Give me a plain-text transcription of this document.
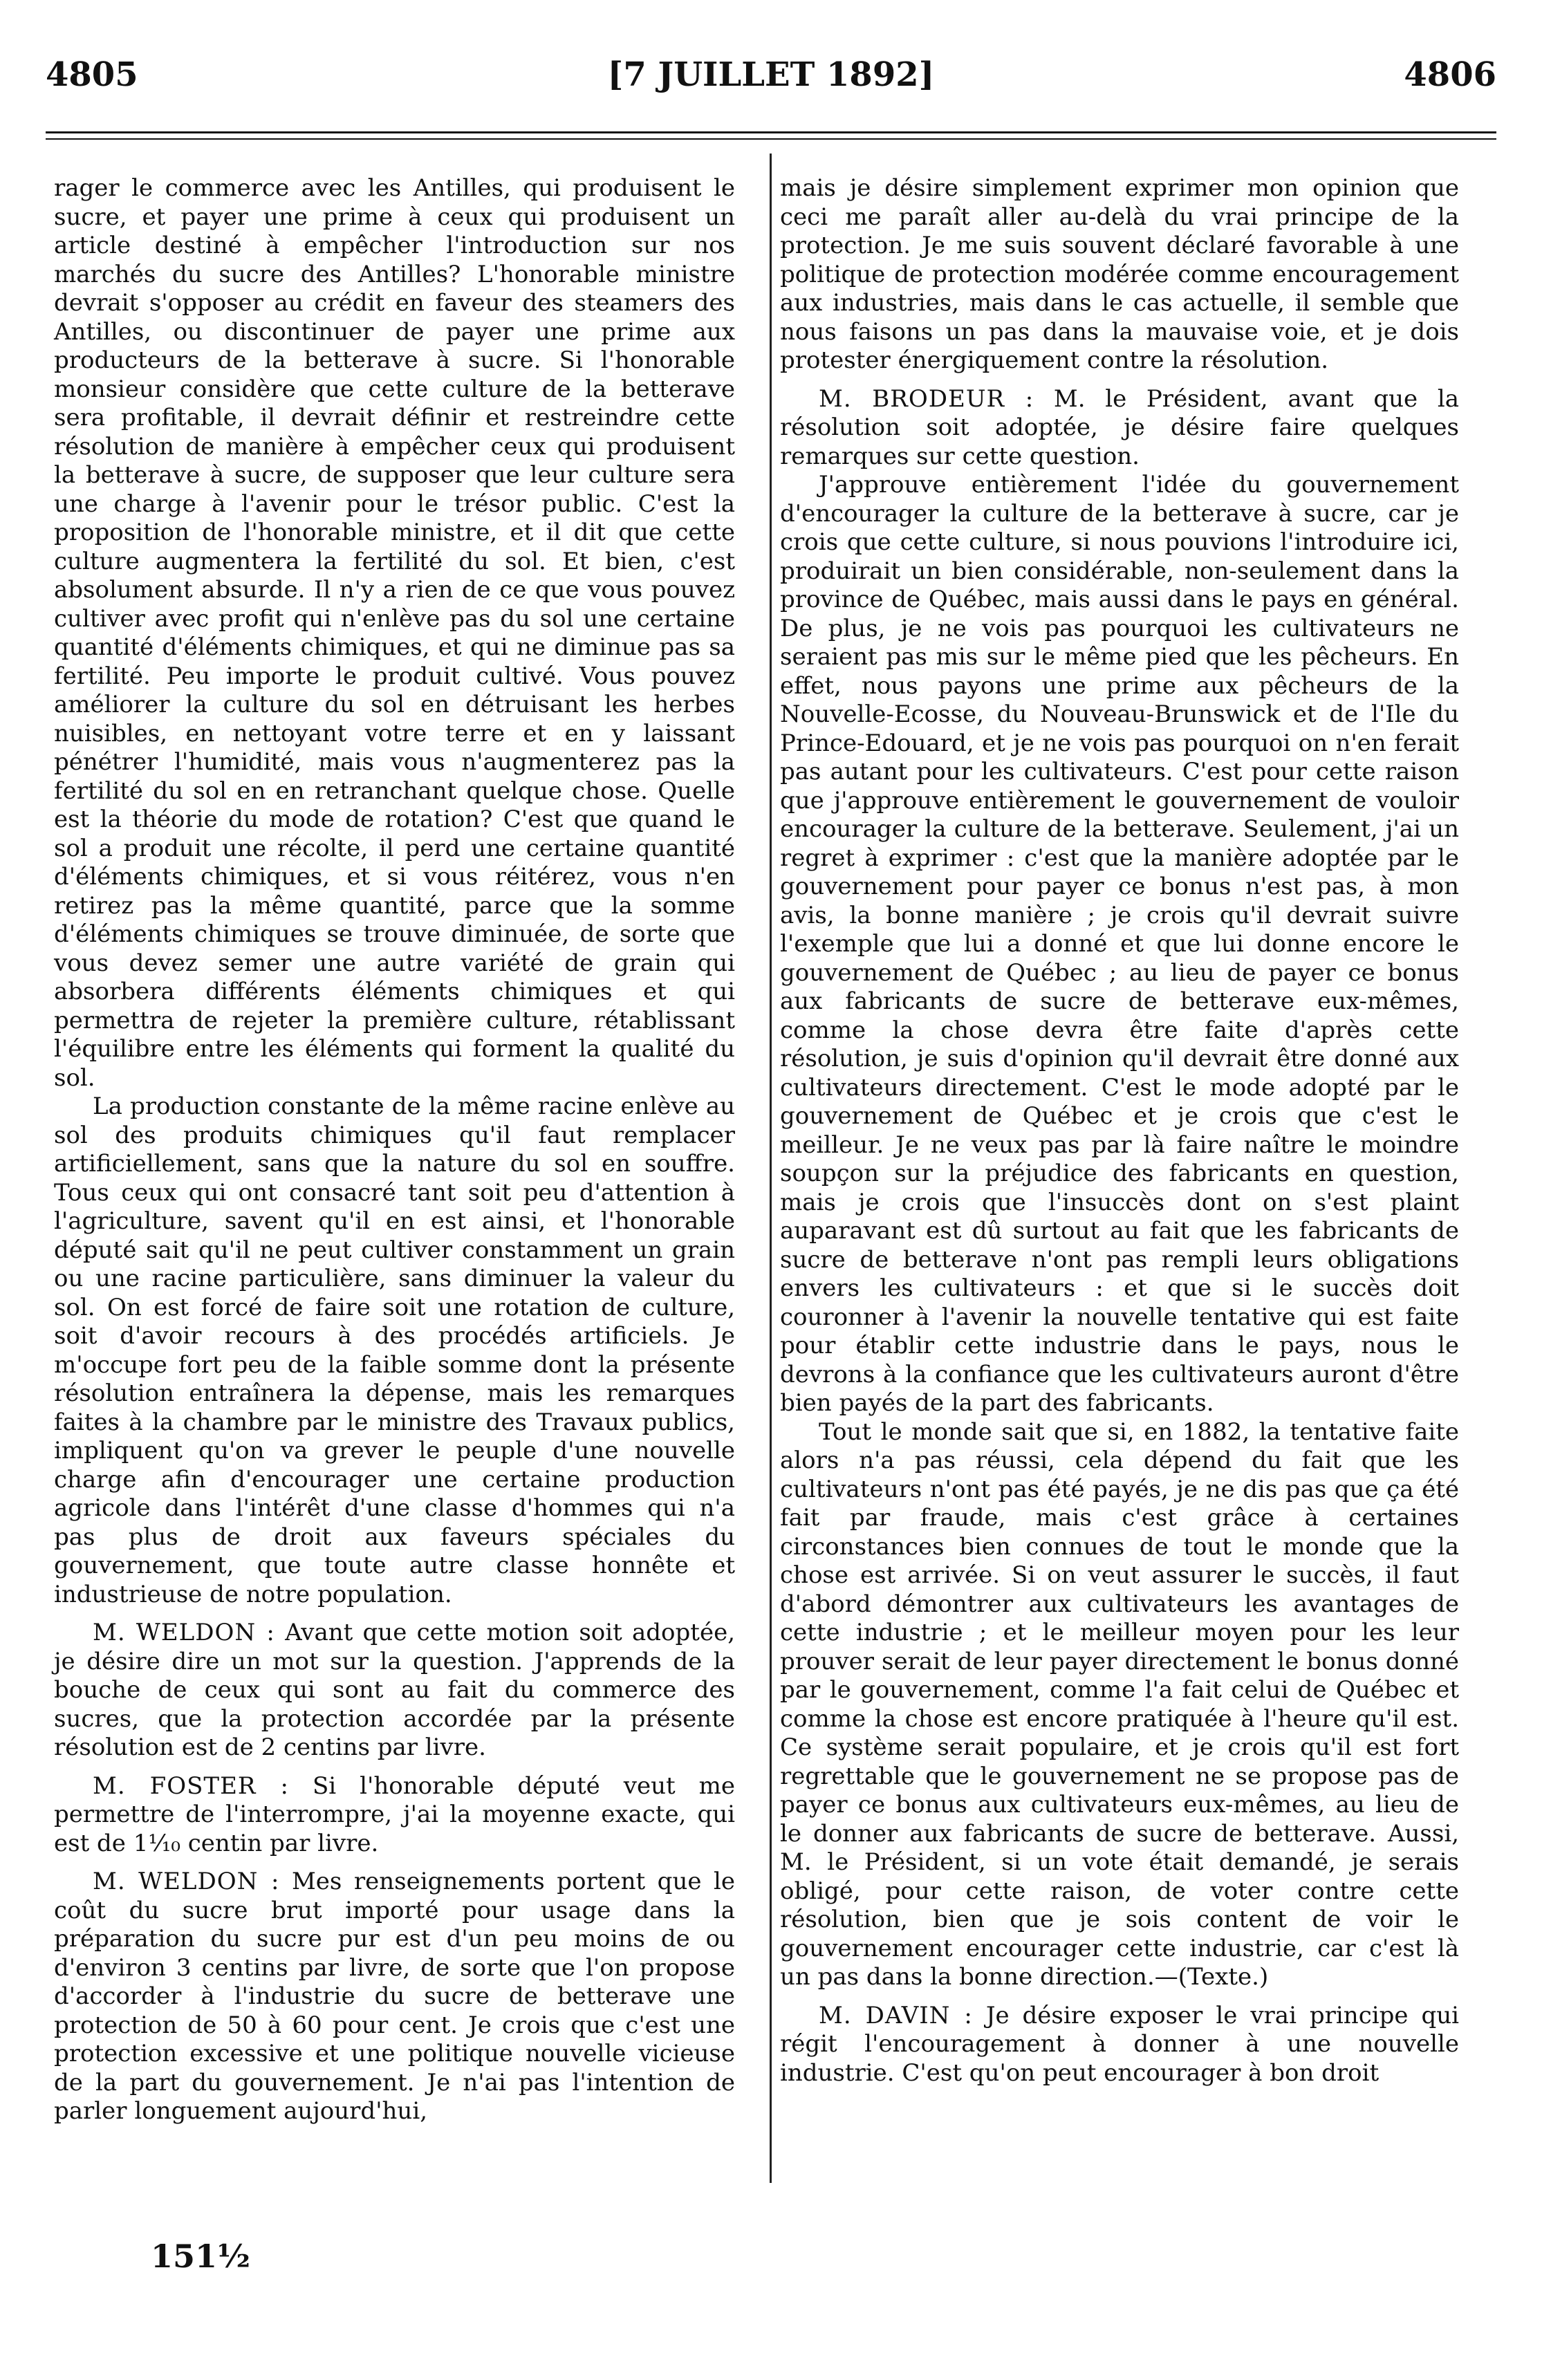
4805	[7 JUILLET 1892]	4806

rager le commerce avec les Antilles, qui produisent le sucre, et payer une prime à ceux qui produisent un article destiné à empêcher l'introduction sur nos marchés du sucre des Antilles? L'honorable ministre devrait s'opposer au crédit en faveur des steamers des Antilles, ou discontinuer de payer une prime aux producteurs de la betterave à sucre. Si l'honorable monsieur considère que cette culture de la betterave sera profitable, il devrait définir et restreindre cette résolution de manière à empêcher ceux qui produisent la betterave à sucre, de supposer que leur culture sera une charge à l'avenir pour le trésor public. C'est la proposition de l'honorable ministre, et il dit que cette culture augmentera la fertilité du sol. Et bien, c'est absolument absurde. Il n'y a rien de ce que vous pouvez cultiver avec profit qui n'enlève pas du sol une certaine quantité d'éléments chimiques, et qui ne diminue pas sa fertilité. Peu importe le produit cultivé. Vous pouvez améliorer la culture du sol en détruisant les herbes nuisibles, en nettoyant votre terre et en y laissant pénétrer l'humidité, mais vous n'augmenterez pas la fertilité du sol en en retranchant quelque chose. Quelle est la théorie du mode de rotation? C'est que quand le sol a produit une récolte, il perd une certaine quantité d'éléments chimiques, et si vous réitérez, vous n'en retirez pas la même quantité, parce que la somme d'éléments chimiques se trouve diminuée, de sorte que vous devez semer une autre variété de grain qui absorbera différents éléments chimiques et qui permettra de rejeter la première culture, rétablissant l'équilibre entre les éléments qui forment la qualité du sol.

La production constante de la même racine enlève au sol des produits chimiques qu'il faut remplacer artificiellement, sans que la nature du sol en souffre. Tous ceux qui ont consacré tant soit peu d'attention à l'agriculture, savent qu'il en est ainsi, et l'honorable député sait qu'il ne peut cultiver constamment un grain ou une racine particulière, sans diminuer la valeur du sol. On est forcé de faire soit une rotation de culture, soit d'avoir recours à des procédés artificiels. Je m'occupe fort peu de la faible somme dont la présente résolution entraînera la dépense, mais les remarques faites à la chambre par le ministre des Travaux publics, impliquent qu'on va grever le peuple d'une nouvelle charge afin d'encourager une certaine production agricole dans l'intérêt d'une classe d'hommes qui n'a pas plus de droit aux faveurs spéciales du gouvernement, que toute autre classe honnête et industrieuse de notre population.

M. WELDON : Avant que cette motion soit adoptée, je désire dire un mot sur la question. J'apprends de la bouche de ceux qui sont au fait du commerce des sucres, que la protection accordée par la présente résolution est de 2 centins par livre.

M. FOSTER : Si l'honorable député veut me permettre de l'interrompre, j'ai la moyenne exacte, qui est de 1⅒ centin par livre.

M. WELDON : Mes renseignements portent que le coût du sucre brut importé pour usage dans la préparation du sucre pur est d'un peu moins de ou d'environ 3 centins par livre, de sorte que l'on propose d'accorder à l'industrie du sucre de betterave une protection de 50 à 60 pour cent. Je crois que c'est une protection excessive et une politique nouvelle vicieuse de la part du gouvernement. Je n'ai pas l'intention de parler longuement aujourd'hui,

mais je désire simplement exprimer mon opinion que ceci me paraît aller au-delà du vrai principe de la protection. Je me suis souvent déclaré favorable à une politique de protection modérée comme encouragement aux industries, mais dans le cas actuelle, il semble que nous faisons un pas dans la mauvaise voie, et je dois protester énergiquement contre la résolution.

M. BRODEUR : M. le Président, avant que la résolution soit adoptée, je désire faire quelques remarques sur cette question.

J'approuve entièrement l'idée du gouvernement d'encourager la culture de la betterave à sucre, car je crois que cette culture, si nous pouvions l'introduire ici, produirait un bien considérable, non-seulement dans la province de Québec, mais aussi dans le pays en général. De plus, je ne vois pas pourquoi les cultivateurs ne seraient pas mis sur le même pied que les pêcheurs. En effet, nous payons une prime aux pêcheurs de la Nouvelle-Ecosse, du Nouveau-Brunswick et de l'Ile du Prince-Edouard, et je ne vois pas pourquoi on n'en ferait pas autant pour les cultivateurs. C'est pour cette raison que j'approuve entièrement le gouvernement de vouloir encourager la culture de la betterave. Seulement, j'ai un regret à exprimer : c'est que la manière adoptée par le gouvernement pour payer ce bonus n'est pas, à mon avis, la bonne manière ; je crois qu'il devrait suivre l'exemple que lui a donné et que lui donne encore le gouvernement de Québec ; au lieu de payer ce bonus aux fabricants de sucre de betterave eux-mêmes, comme la chose devra être faite d'après cette résolution, je suis d'opinion qu'il devrait être donné aux cultivateurs directement. C'est le mode adopté par le gouvernement de Québec et je crois que c'est le meilleur. Je ne veux pas par là faire naître le moindre soupçon sur la préjudice des fabricants en question, mais je crois que l'insuccès dont on s'est plaint auparavant est dû surtout au fait que les fabricants de sucre de betterave n'ont pas rempli leurs obligations envers les cultivateurs : et que si le succès doit couronner à l'avenir la nouvelle tentative qui est faite pour établir cette industrie dans le pays, nous le devrons à la confiance que les cultivateurs auront d'être bien payés de la part des fabricants.

Tout le monde sait que si, en 1882, la tentative faite alors n'a pas réussi, cela dépend du fait que les cultivateurs n'ont pas été payés, je ne dis pas que ça été fait par fraude, mais c'est grâce à certaines circonstances bien connues de tout le monde que la chose est arrivée. Si on veut assurer le succès, il faut d'abord démontrer aux cultivateurs les avantages de cette industrie ; et le meilleur moyen pour les leur prouver serait de leur payer directement le bonus donné par le gouvernement, comme l'a fait celui de Québec et comme la chose est encore pratiquée à l'heure qu'il est. Ce système serait populaire, et je crois qu'il est fort regrettable que le gouvernement ne se propose pas de payer ce bonus aux cultivateurs eux-mêmes, au lieu de le donner aux fabricants de sucre de betterave. Aussi, M. le Président, si un vote était demandé, je serais obligé, pour cette raison, de voter contre cette résolution, bien que je sois content de voir le gouvernement encourager cette industrie, car c'est là un pas dans la bonne direction.—(Texte.)

M. DAVIN : Je désire exposer le vrai principe qui régit l'encouragement à donner à une nouvelle industrie. C'est qu'on peut encourager à bon droit

151½
